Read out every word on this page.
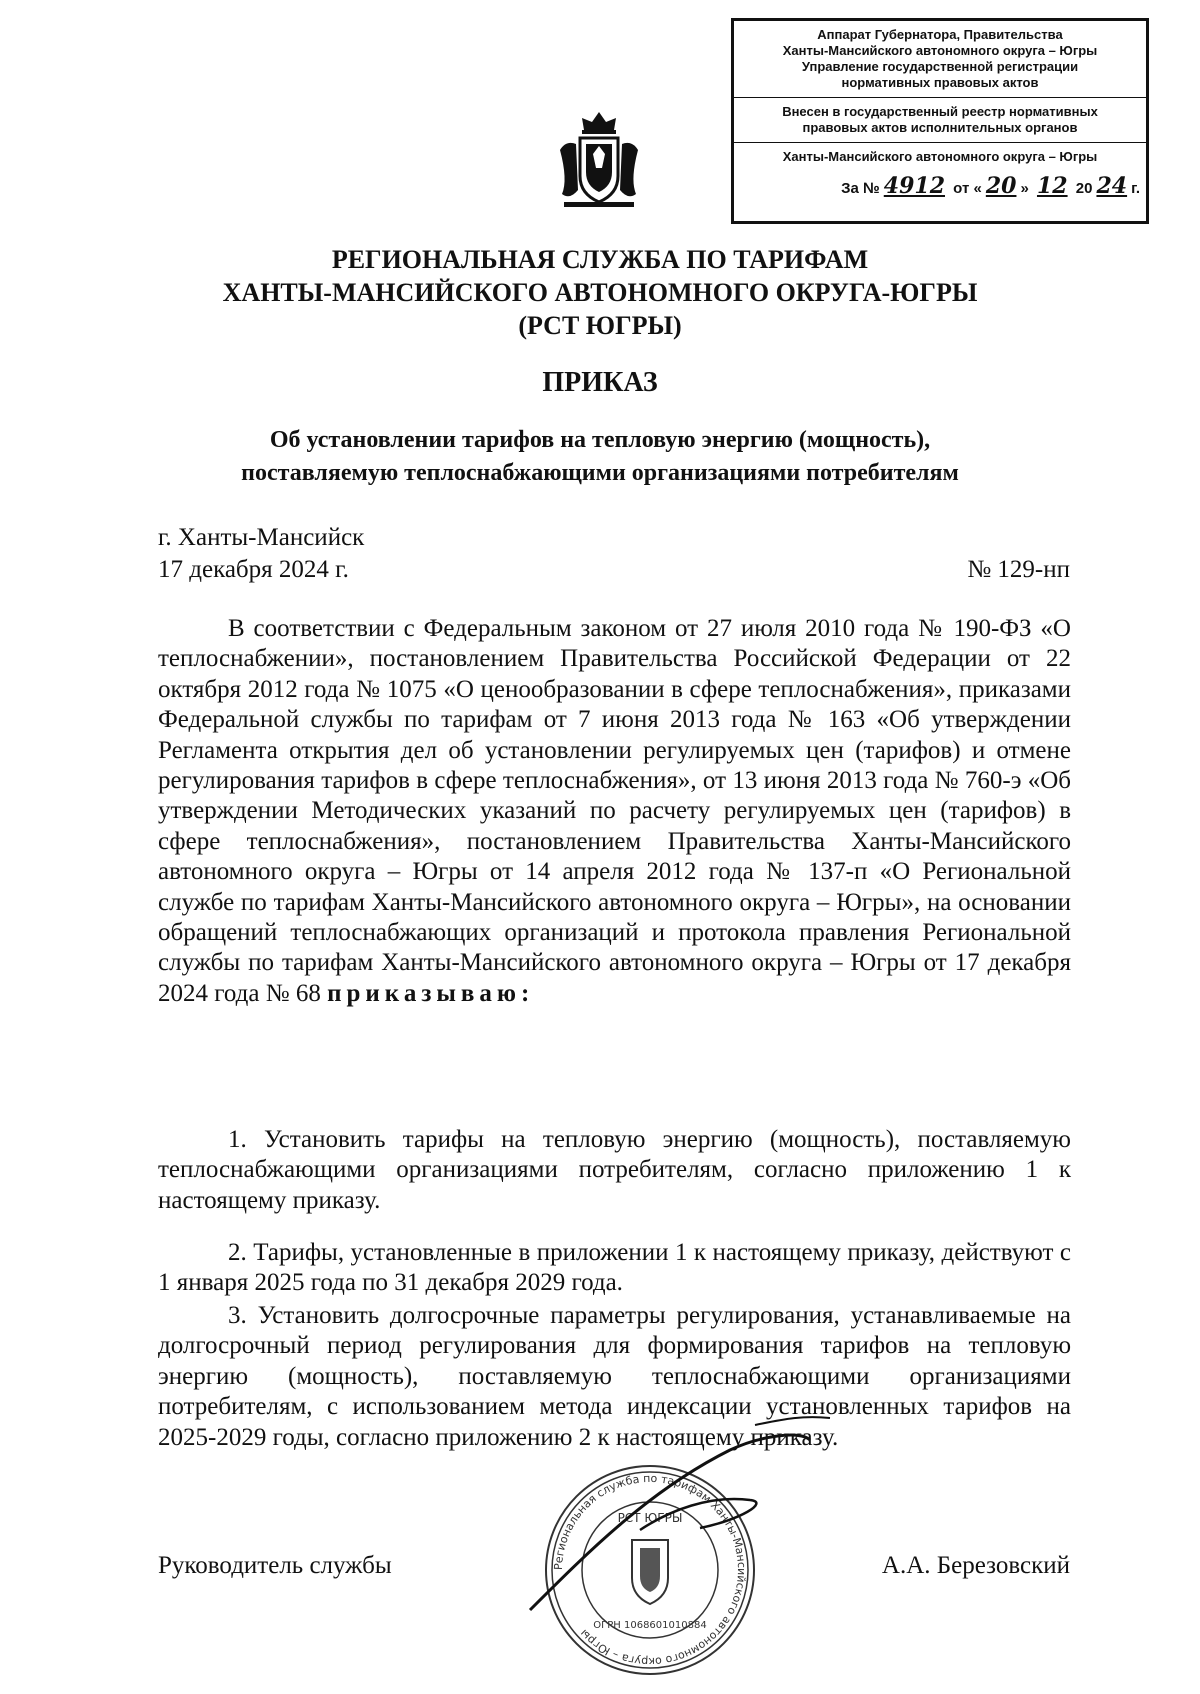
Аппарат Губернатора, Правительства
Ханты-Мансийского автономного округа – Югры
Управление государственной регистрации
нормативных правовых актов
Внесен в государственный реестр нормативных
правовых актов исполнительных органов
Ханты-Мансийского автономного округа – Югры
За № 4912 от « 20 » 12 20 24 г.
РЕГИОНАЛЬНАЯ СЛУЖБА ПО ТАРИФАМ
ХАНТЫ-МАНСИЙСКОГО АВТОНОМНОГО ОКРУГА-ЮГРЫ
(РСТ ЮГРЫ)
ПРИКАЗ
Об установлении тарифов на тепловую энергию (мощность),
поставляемую теплоснабжающими организациями потребителям
г. Ханты-Мансийск
17 декабря 2024 г.	№ 129-нп
В соответствии с Федеральным законом от 27 июля 2010 года № 190-ФЗ «О теплоснабжении», постановлением Правительства Российской Федерации от 22 октября 2012 года № 1075 «О ценообразовании в сфере теплоснабжения», приказами Федеральной службы по тарифам от 7 июня 2013 года № 163 «Об утверждении Регламента открытия дел об установлении регулируемых цен (тарифов) и отмене регулирования тарифов в сфере теплоснабжения», от 13 июня 2013 года № 760-э «Об утверждении Методических указаний по расчету регулируемых цен (тарифов) в сфере теплоснабжения», постановлением Правительства Ханты-Мансийского автономного округа – Югры от 14 апреля 2012 года № 137-п «О Региональной службе по тарифам Ханты-Мансийского автономного округа – Югры», на основании обращений теплоснабжающих организаций и протокола правления Региональной службы по тарифам Ханты-Мансийского автономного округа – Югры от 17 декабря 2024 года № 68 приказываю:
1. Установить тарифы на тепловую энергию (мощность), поставляемую теплоснабжающими организациями потребителям, согласно приложению 1 к настоящему приказу.
2. Тарифы, установленные в приложении 1 к настоящему приказу, действуют с 1 января 2025 года по 31 декабря 2029 года.
3. Установить долгосрочные параметры регулирования, устанавливаемые на долгосрочный период регулирования для формирования тарифов на тепловую энергию (мощность), поставляемую теплоснабжающими организациями потребителям, с использованием метода индексации установленных тарифов на 2025-2029 годы, согласно приложению 2 к настоящему приказу.
Региональная служба по тарифам Ханты-Мансийского автономного округа – Югры
РСТ ЮГРЫ
ОГРН 1068601010884
Руководитель службы	А.А. Березовский
